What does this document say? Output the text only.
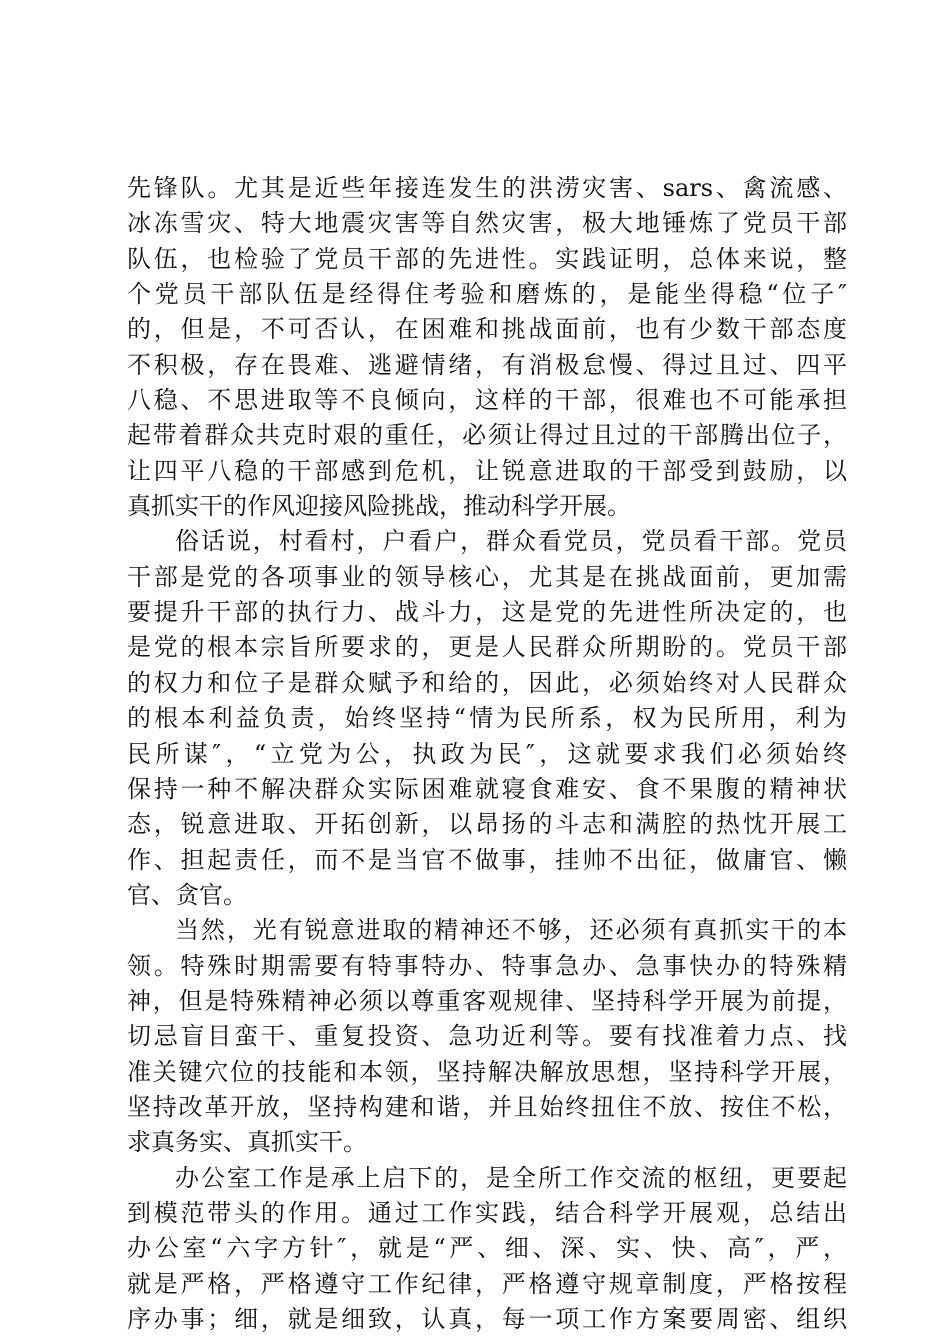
先锋队。尤其是近些年接连发生的洪涝灾害、sars、禽流感、
冰冻雪灾、特大地震灾害等自然灾害，极大地锤炼了党员干部
队伍，也检验了党员干部的先进性。实践证明，总体来说，整
个党员干部队伍是经得住考验和磨炼的，是能坐得稳“位子″
的，但是，不可否认，在困难和挑战面前，也有少数干部态度
不积极，存在畏难、逃避情绪，有消极怠慢、得过且过、四平
八稳、不思进取等不良倾向，这样的干部，很难也不可能承担
起带着群众共克时艰的重任，必须让得过且过的干部腾出位子，
让四平八稳的干部感到危机，让锐意进取的干部受到鼓励，以
真抓实干的作风迎接风险挑战，推动科学开展。
俗话说，村看村，户看户，群众看党员，党员看干部。党员
干部是党的各项事业的领导核心，尤其是在挑战面前，更加需
要提升干部的执行力、战斗力，这是党的先进性所决定的，也
是党的根本宗旨所要求的，更是人民群众所期盼的。党员干部
的权力和位子是群众赋予和给的，因此，必须始终对人民群众
的根本利益负责，始终坚持“情为民所系，权为民所用，利为
民所谋″，“立党为公，执政为民″，这就要求我们必须始终
保持一种不解决群众实际困难就寝食难安、食不果腹的精神状
态，锐意进取、开拓创新，以昂扬的斗志和满腔的热忱开展工
作、担起责任，而不是当官不做事，挂帅不出征，做庸官、懒
官、贪官。
当然，光有锐意进取的精神还不够，还必须有真抓实干的本
领。特殊时期需要有特事特办、特事急办、急事快办的特殊精
神，但是特殊精神必须以尊重客观规律、坚持科学开展为前提，
切忌盲目蛮干、重复投资、急功近利等。要有找准着力点、找
准关键穴位的技能和本领，坚持解决解放思想，坚持科学开展，
坚持改革开放，坚持构建和谐，并且始终扭住不放、按住不松，
求真务实、真抓实干。
办公室工作是承上启下的，是全所工作交流的枢纽，更要起
到模范带头的作用。通过工作实践，结合科学开展观，总结出
办公室“六字方针″，就是“严、细、深、实、快、高″，严，
就是严格，严格遵守工作纪律，严格遵守规章制度，严格按程
序办事；细，就是细致，认真，每一项工作方案要周密、组织
